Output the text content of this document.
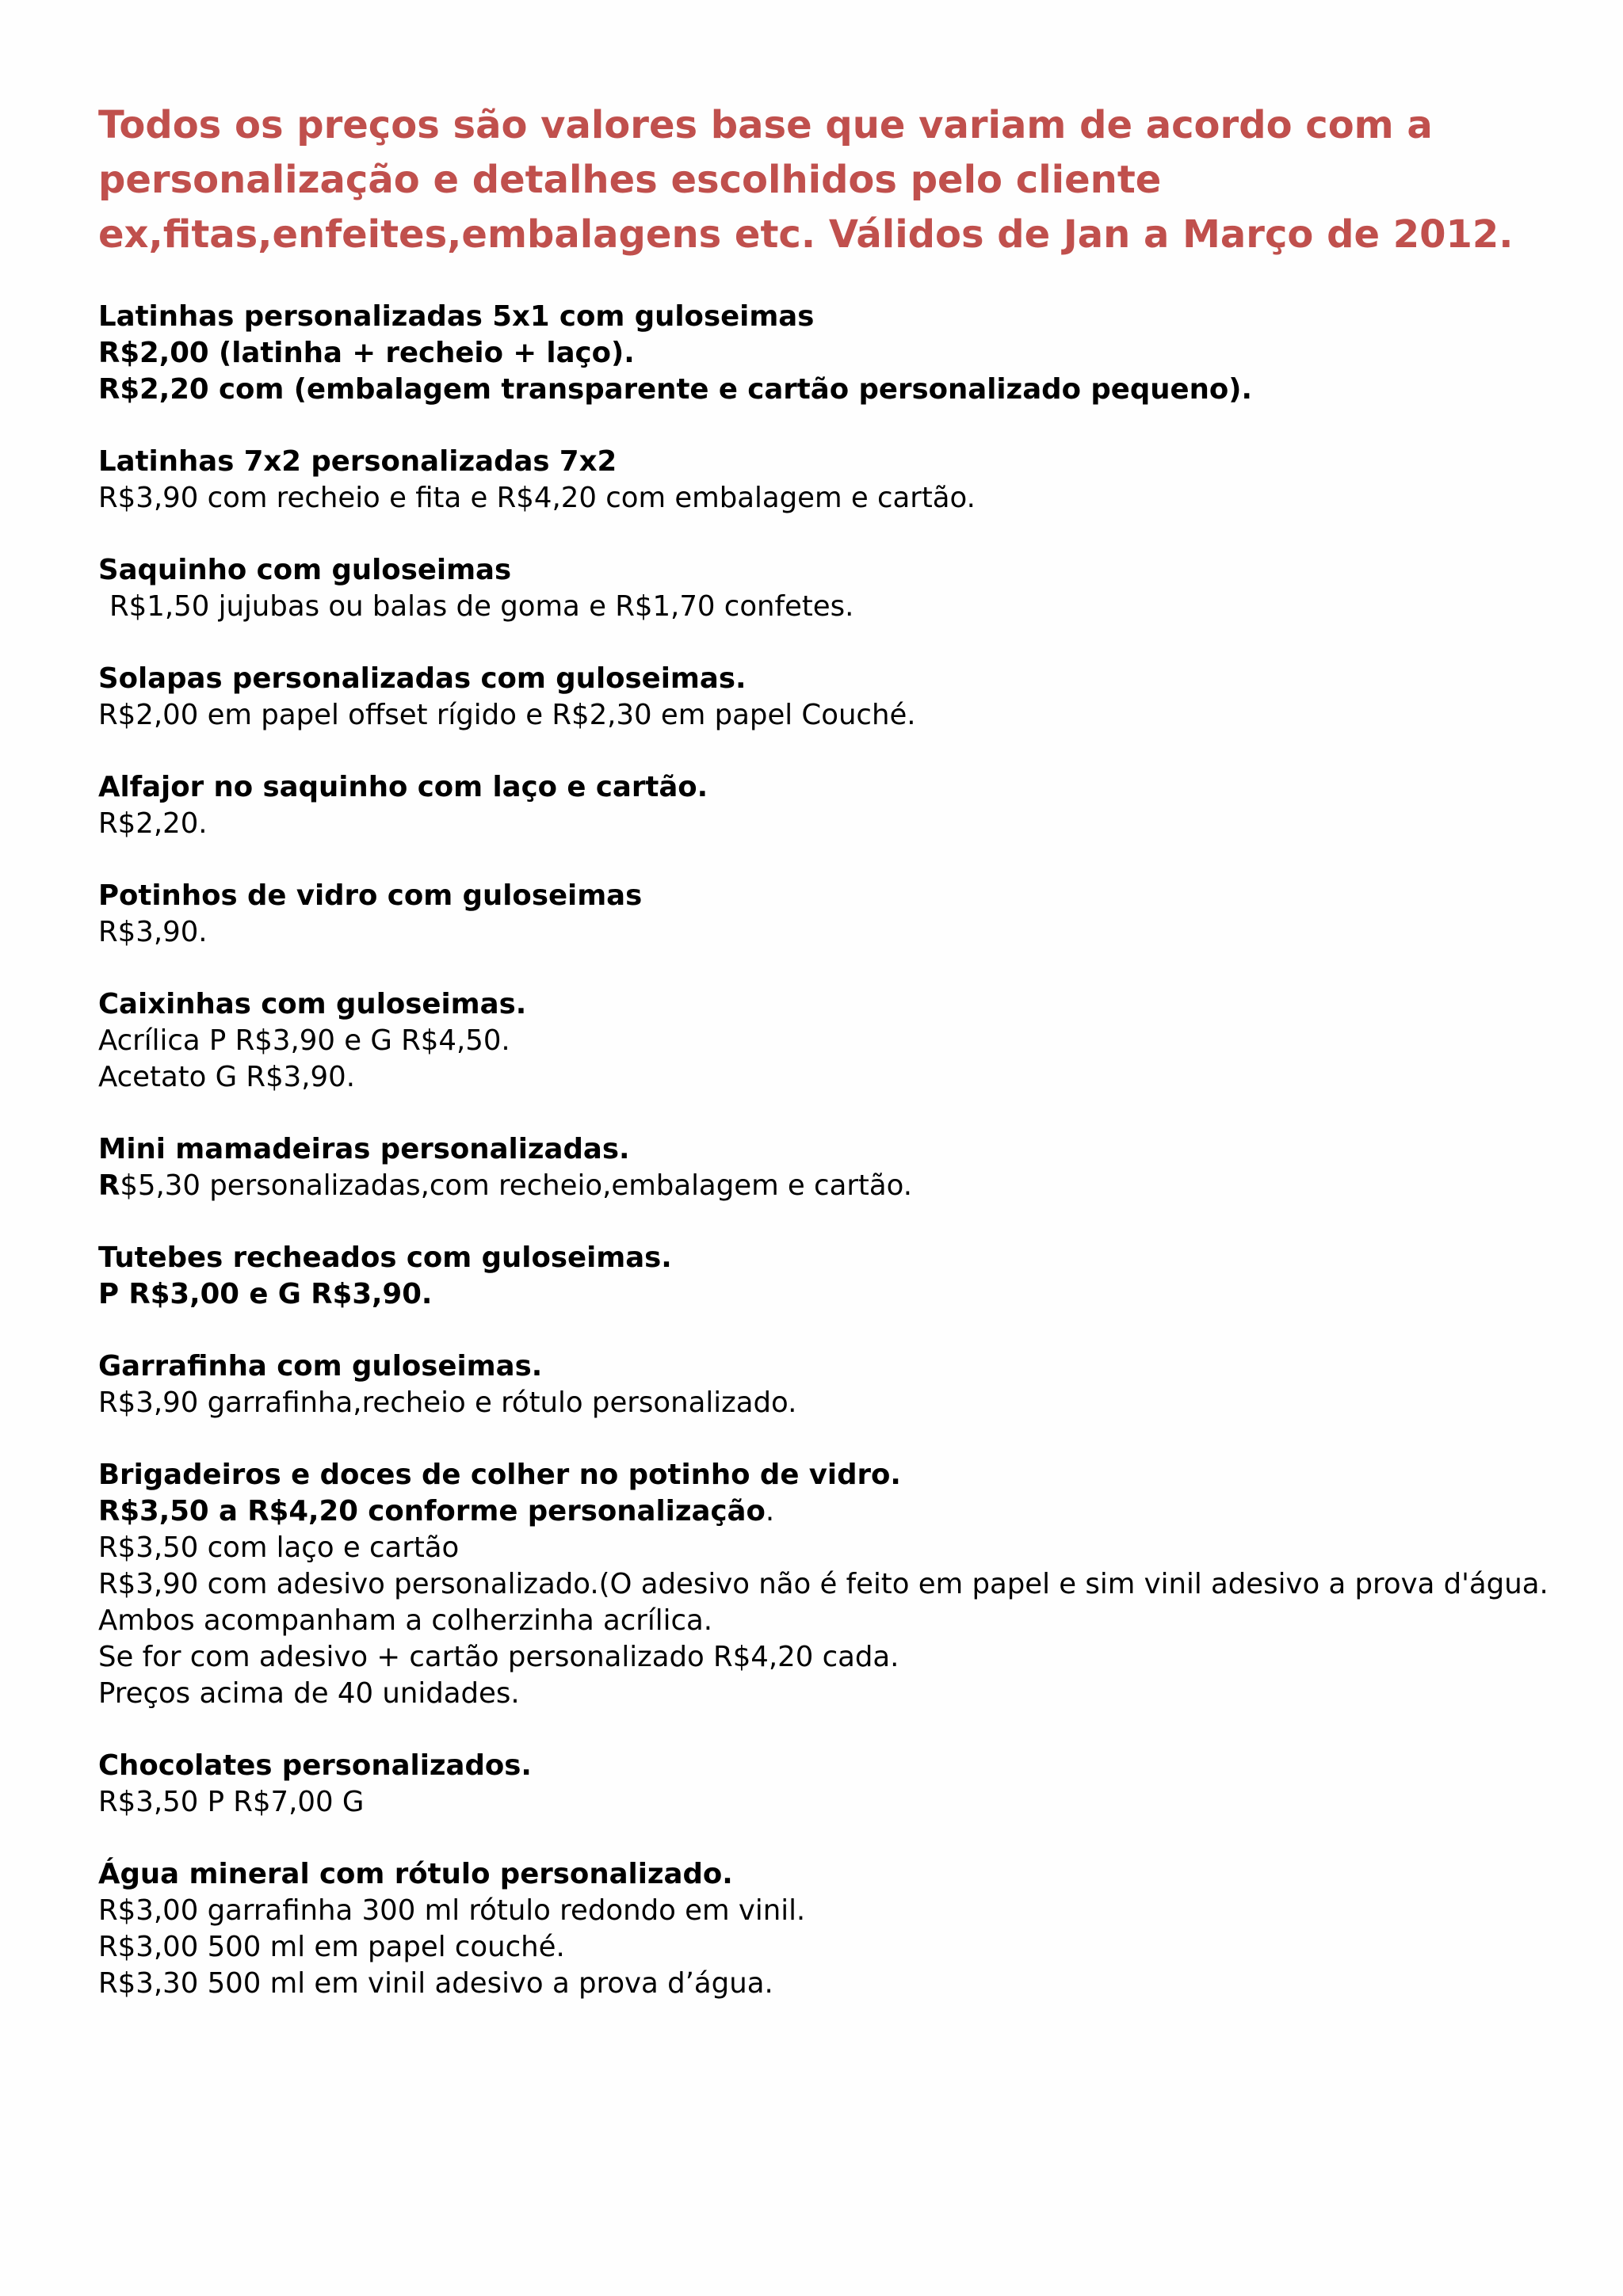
Todos os preços são valores base que variam de acordo com a
personalização e detalhes escolhidos pelo cliente
ex,fitas,enfeites,embalagens etc. Válidos de Jan a Março de 2012.
Latinhas personalizadas 5x1 com guloseimas
R$2,00 (latinha + recheio + laço).
R$2,20 com (embalagem transparente e cartão personalizado pequeno).
Latinhas 7x2 personalizadas 7x2
R$3,90 com recheio e fita e R$4,20 com embalagem e cartão.
Saquinho com guloseimas
R$1,50 jujubas ou balas de goma e R$1,70 confetes.
Solapas personalizadas com guloseimas.
R$2,00 em papel offset rígido e R$2,30 em papel Couché.
Alfajor no saquinho com laço e cartão.
R$2,20.
Potinhos de vidro com guloseimas
R$3,90.
Caixinhas com guloseimas.
Acrílica P R$3,90 e G R$4,50.
Acetato G R$3,90.
Mini mamadeiras personalizadas.
R$5,30 personalizadas,com recheio,embalagem e cartão.
Tutebes recheados com guloseimas.
P R$3,00 e G R$3,90.
Garrafinha com guloseimas.
R$3,90 garrafinha,recheio e rótulo personalizado.
Brigadeiros e doces de colher no potinho de vidro.
R$3,50 a R$4,20 conforme personalização.
R$3,50 com laço e cartão
R$3,90 com adesivo personalizado.(O adesivo não é feito em papel e sim vinil adesivo a prova d'água.
Ambos acompanham a colherzinha acrílica.
Se for com adesivo + cartão personalizado R$4,20 cada.
Preços acima de 40 unidades.
Chocolates personalizados.
R$3,50 P R$7,00 G
Água mineral com rótulo personalizado.
R$3,00 garrafinha 300 ml rótulo redondo em vinil.
R$3,00 500 ml em papel couché.
R$3,30 500 ml em vinil adesivo a prova d’água.
